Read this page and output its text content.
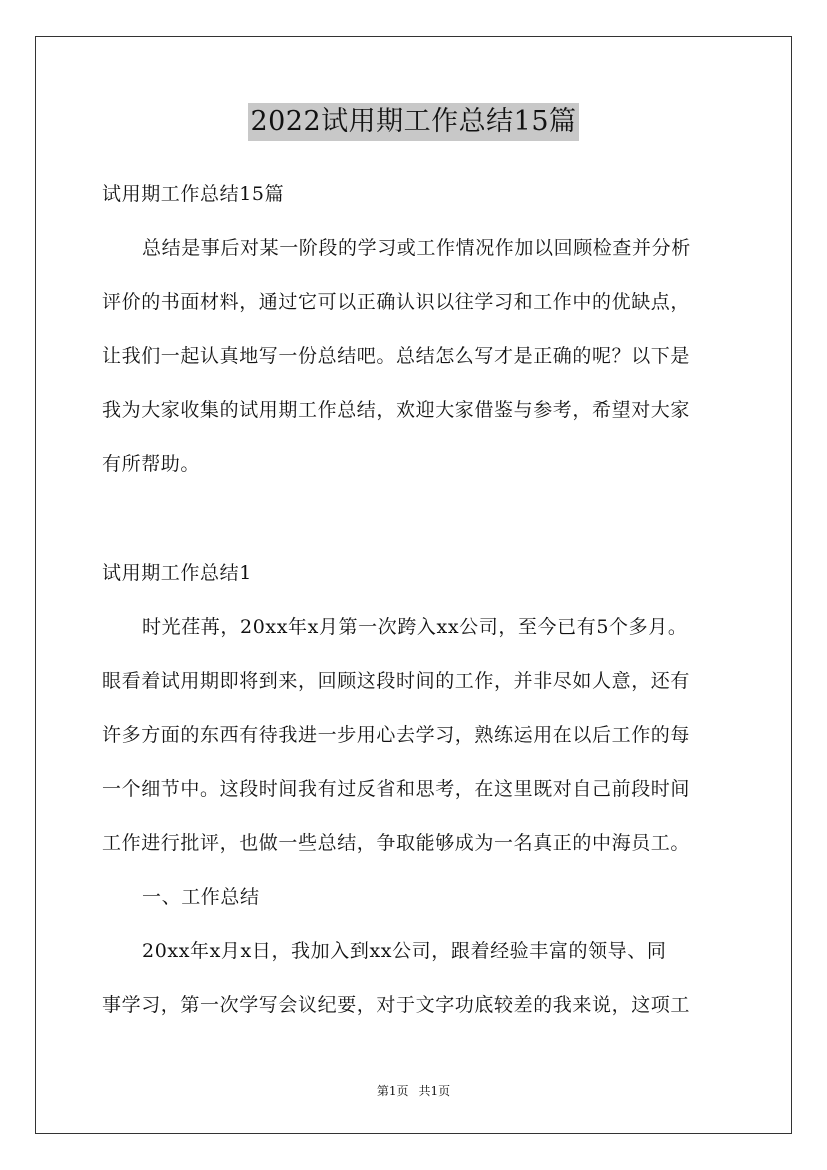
2022试用期工作总结15篇
试用期工作总结15篇
总结是事后对某一阶段的学习或工作情况作加以回顾检查并分析
评价的书面材料，通过它可以正确认识以往学习和工作中的优缺点，
让我们一起认真地写一份总结吧。总结怎么写才是正确的呢？以下是
我为大家收集的试用期工作总结，欢迎大家借鉴与参考，希望对大家
有所帮助。
试用期工作总结1
时光荏苒，20xx年x月第一次跨入xx公司，至今已有5个多月。
眼看着试用期即将到来，回顾这段时间的工作，并非尽如人意，还有
许多方面的东西有待我进一步用心去学习，熟练运用在以后工作的每
一个细节中。这段时间我有过反省和思考，在这里既对自己前段时间
工作进行批评，也做一些总结，争取能够成为一名真正的中海员工。
一、工作总结
20xx年x月x日，我加入到xx公司，跟着经验丰富的领导、同
事学习，第一次学写会议纪要，对于文字功底较差的我来说，这项工
第1页 共1页
